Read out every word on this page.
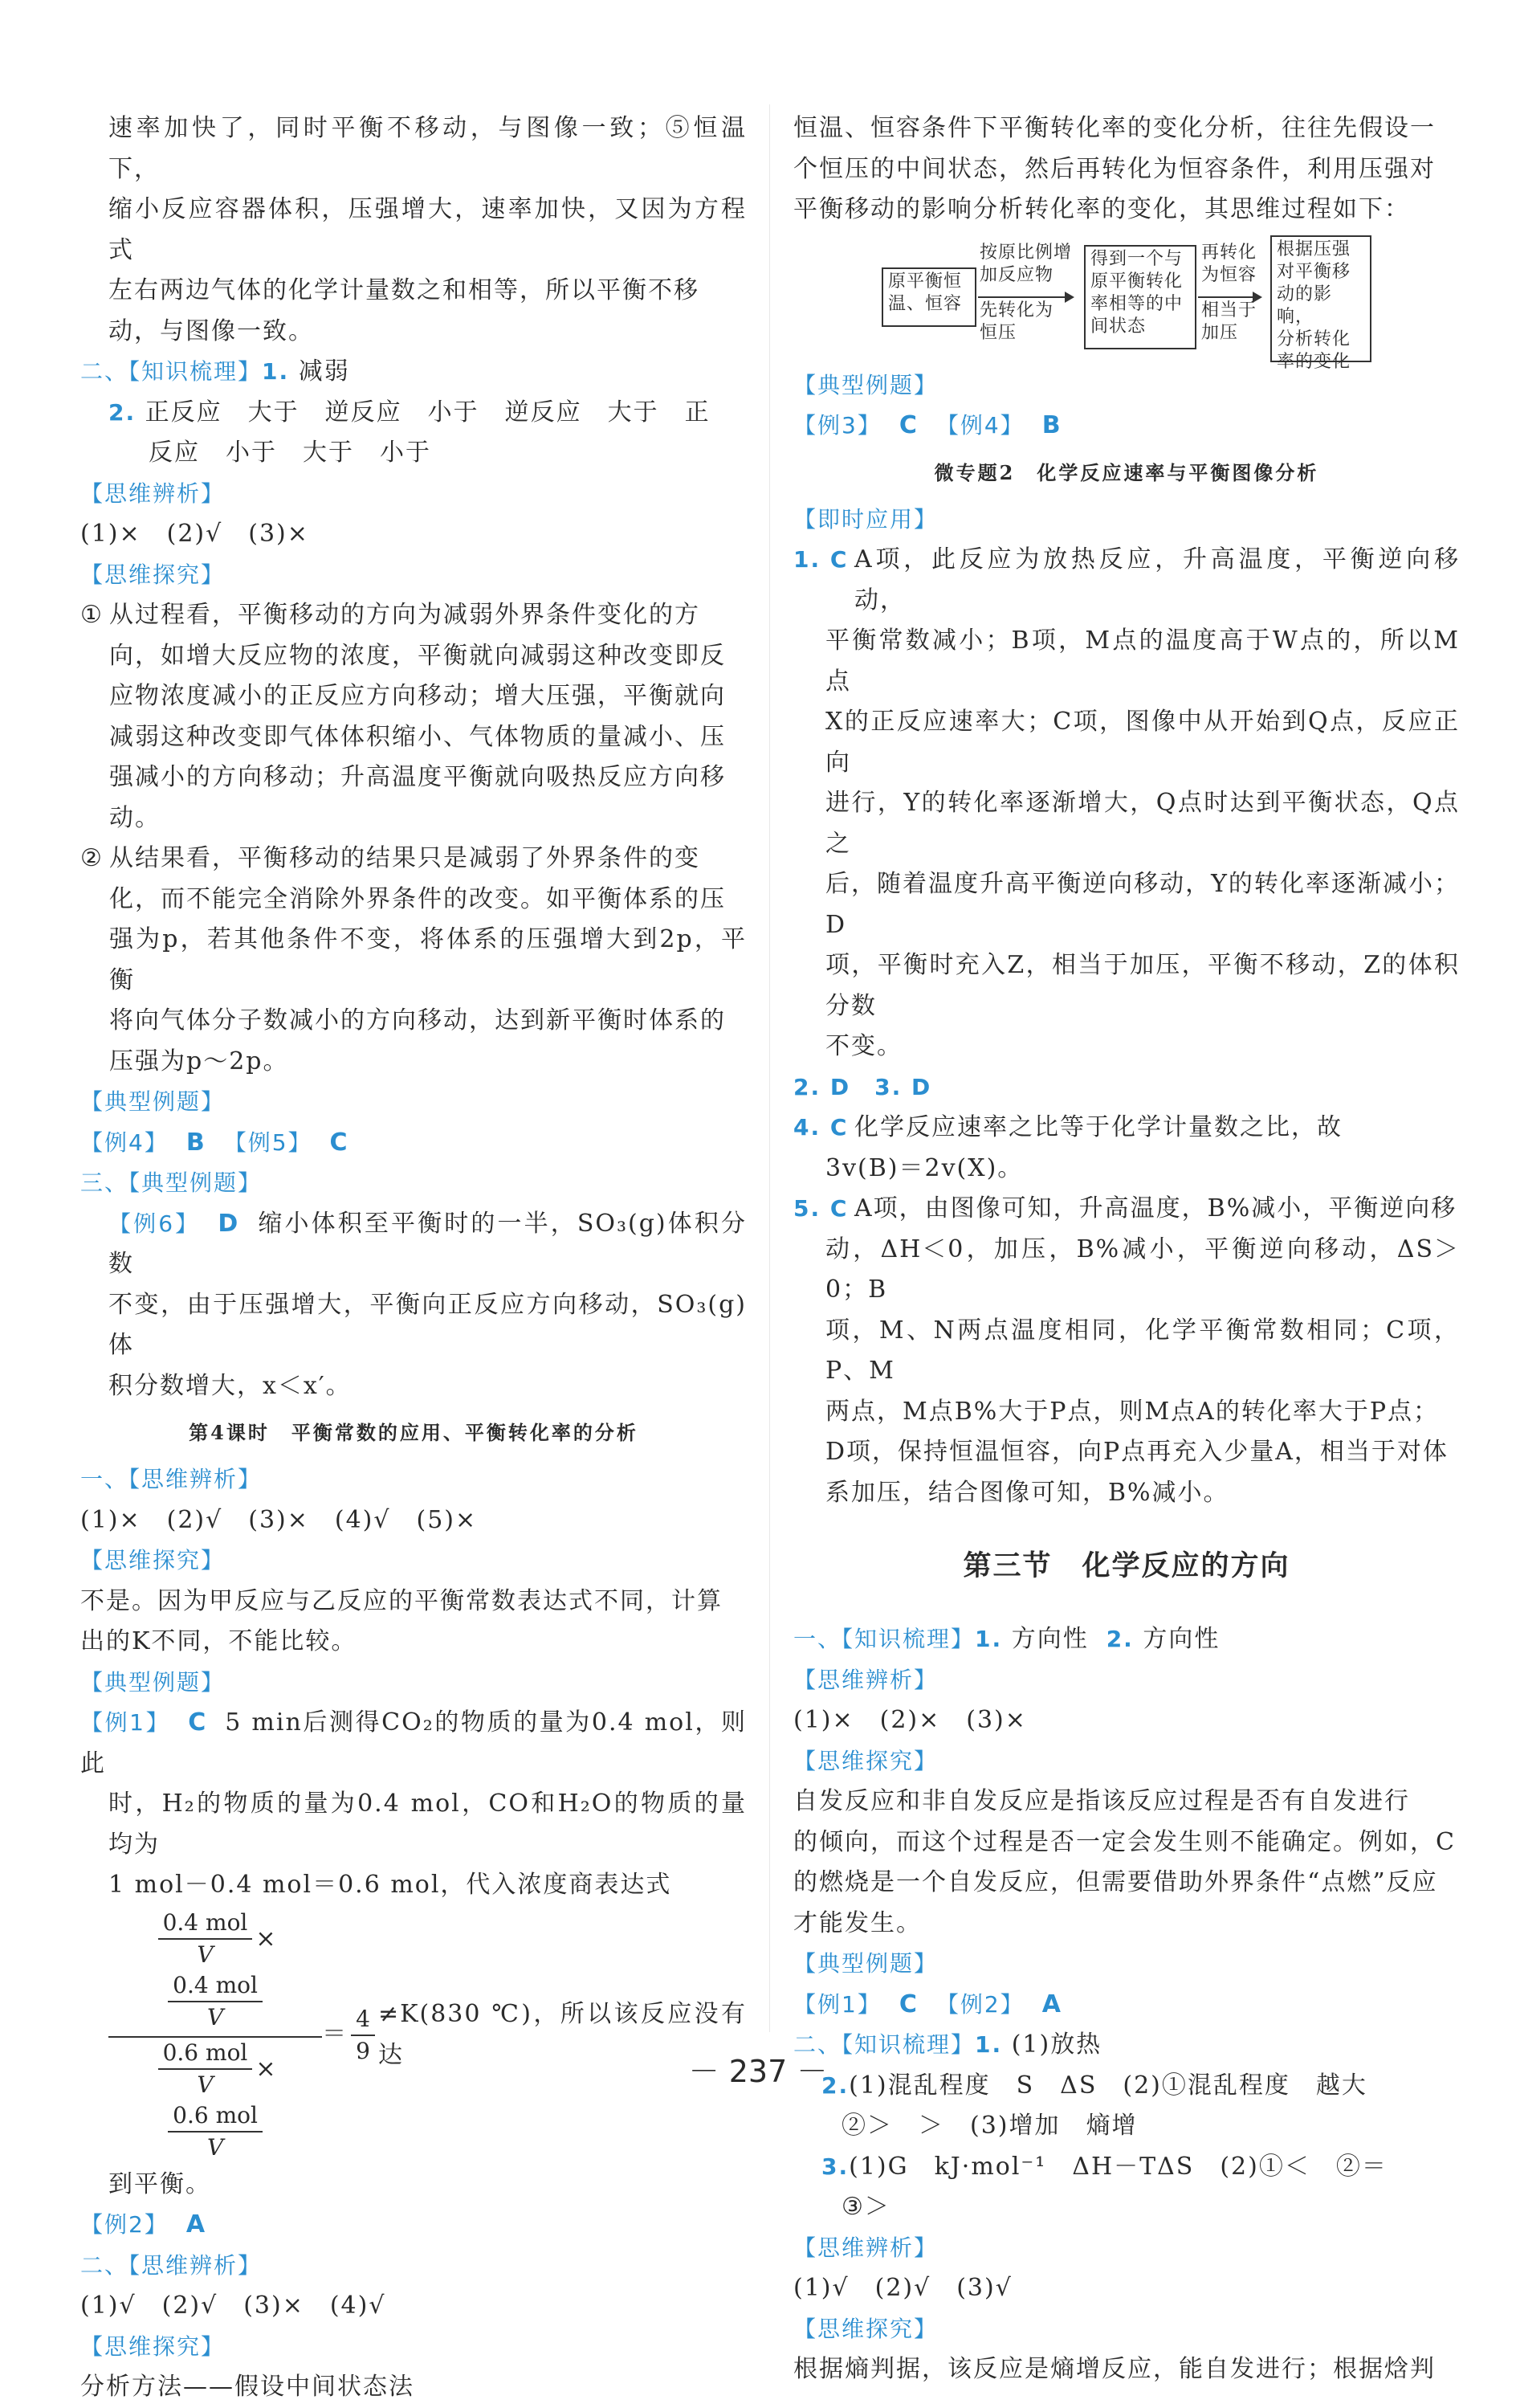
速率加快了，同时平衡不移动，与图像一致；⑤恒温下，

缩小反应容器体积，压强增大，速率加快，又因为方程式

左右两边气体的化学计量数之和相等，所以平衡不移

动，与图像一致。

二、【知识梳理】1. 减弱

2. 正反应　大于　逆反应　小于　逆反应　大于　正

反应　小于　大于　小于

【思维辨析】

(1)×　(2)√　(3)×

【思维探究】

① 从过程看，平衡移动的方向为减弱外界条件变化的方

向，如增大反应物的浓度，平衡就向减弱这种改变即反

应物浓度减小的正反应方向移动；增大压强，平衡就向

减弱这种改变即气体体积缩小、气体物质的量减小、压

强减小的方向移动；升高温度平衡就向吸热反应方向移

动。

② 从结果看，平衡移动的结果只是减弱了外界条件的变

化，而不能完全消除外界条件的改变。如平衡体系的压

强为p，若其他条件不变，将体系的压强增大到2p，平衡

将向气体分子数减小的方向移动，达到新平衡时体系的

压强为p～2p。

【典型例题】

【例4】 B 【例5】 C

三、【典型例题】

【例6】 D 缩小体积至平衡时的一半，SO₃(g)体积分数

不变，由于压强增大，平衡向正反应方向移动，SO₃(g)体

积分数增大，x＜x′。

第4课时　平衡常数的应用、平衡转化率的分析

一、【思维辨析】

(1)×　(2)√　(3)×　(4)√　(5)×

【思维探究】

不是。因为甲反应与乙反应的平衡常数表达式不同，计算

出的K不同，不能比较。

【典型例题】

【例1】 C 5 min后测得CO₂的物质的量为0.4 mol，则此

时，H₂的物质的量为0.4 mol，CO和H₂O的物质的量均为

1 mol－0.4 mol＝0.6 mol，代入浓度商表达式

$\frac{\text{0.4 mol}}{V}$ ×
$\frac{\text{0.4 mol}}{V}$
$\frac{\text{0.6 mol}}{V}$ ×
$\frac{\text{0.6 mol}}{V}$
＝ $\frac{4}{9} \ne K(830$ ℃)，所以该反应没有达

到平衡。

【例2】 A

二、【思维辨析】

(1)√　(2)√　(3)×　(4)√

【思维探究】

分析方法——假设中间状态法

恒温、恒容条件下平衡转化率的变化分析，往往先假设一

个恒压的中间状态，然后再转化为恒容条件，利用压强对

平衡移动的影响分析转化率的变化，其思维过程如下：

原平衡恒
温、恒容
按原比例增
加反应物
先转化为
恒压
得到一个与
原平衡转化
率相等的中
间状态
再转化
为恒容
相当于
加压
根据压强
对平衡移
动的影响，
分析转化
率的变化

【典型例题】

【例3】 C 【例4】 B

微专题2　化学反应速率与平衡图像分析

【即时应用】

1. C A项，此反应为放热反应，升高温度，平衡逆向移动，

平衡常数减小；B项，M点的温度高于W点的，所以M点

X的正反应速率大；C项，图像中从开始到Q点，反应正向

进行，Y的转化率逐渐增大，Q点时达到平衡状态，Q点之

后，随着温度升高平衡逆向移动，Y的转化率逐渐减小；D

项，平衡时充入Z，相当于加压，平衡不移动，Z的体积分数

不变。

2. D　3. D

4. C 化学反应速率之比等于化学计量数之比，故

3v(B)＝2v(X)。

5. C A项，由图像可知，升高温度，B%减小，平衡逆向移

动，ΔH＜0，加压，B%减小，平衡逆向移动，ΔS＞0；B

项，M、N两点温度相同，化学平衡常数相同；C项，P、M

两点，M点B%大于P点，则M点A的转化率大于P点；

D项，保持恒温恒容，向P点再充入少量A，相当于对体

系加压，结合图像可知，B%减小。

第三节　化学反应的方向

一、【知识梳理】1. 方向性 2. 方向性

【思维辨析】

(1)×　(2)×　(3)×

【思维探究】

自发反应和非自发反应是指该反应过程是否有自发进行

的倾向，而这个过程是否一定会发生则不能确定。例如，C

的燃烧是一个自发反应，但需要借助外界条件“点燃”反应

才能发生。

【典型例题】

【例1】 C 【例2】 A

二、【知识梳理】1. (1)放热

2.(1)混乱程度　S　ΔS　(2)①混乱程度　越大

②＞　＞　(3)增加　熵增

3.(1)G　kJ·mol⁻¹　ΔH－TΔS　(2)①＜　②＝

③＞

【思维辨析】

(1)√　(2)√　(3)√

【思维探究】

根据熵判据，该反应是熵增反应，能自发进行；根据焓判

－ 237 －
